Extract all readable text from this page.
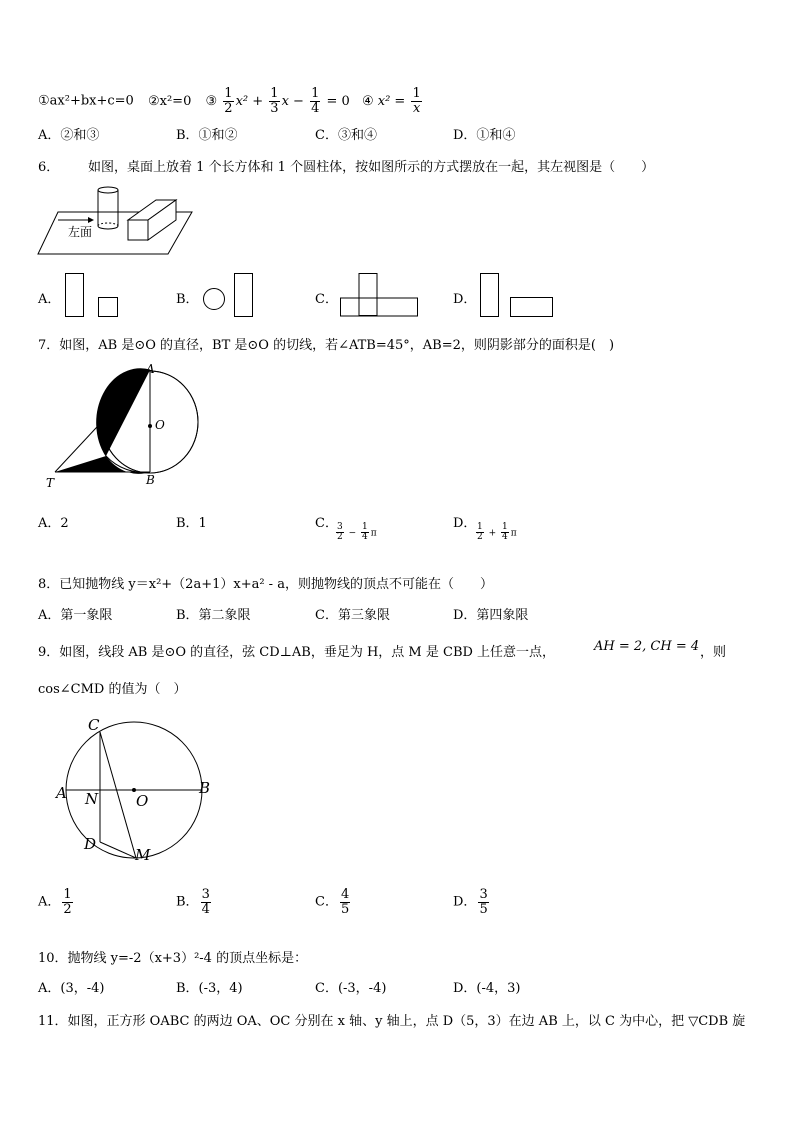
①ax²+bx+c=0 ②x²=0 ③ $\frac{1}{2} x^2 + \frac{1}{3}$ $x - \frac{1}{4} = 0$ ④ $x^2 = \frac{1}{x}$
A．②和③	B．①和②	C．③和④	D．①和④
6． 如图，桌面上放着 1 个长方体和 1 个圆柱体，按如图所示的方式摆放在一起，其左视图是（　　）
左面
A．	B．	C．	D．
7．如图，AB 是⊙O 的直径，BT 是⊙O 的切线，若∠ATB=45°，AB=2，则阴影部分的面积是(　)
A
O
T	B
A．2	B．1	C．
$\frac{3}{2} - \frac{1}{4}$ π
D． $\frac{1}{2} + \frac{1}{4}$ π
8．已知抛物线 y＝x²+（2a+1）x+a² - a，则抛物线的顶点不可能在（　　）
A．第一象限	B．第二象限	C．第三象限	D．第四象限
9．如图，线段 AB 是⊙O 的直径，弦 CD⊥AB，垂足为 H，点 M 是 CBD 上任意一点，	AH = 2, CH = 4 ，则
cos∠CMD 的值为（　）
C
A N	O
B
D
M
A． $\frac{1}{2}$	B． $\frac{3}{4}$	C． $\frac{4}{5}$	D． $\frac{3}{5}$
10．抛物线 y=-2（x+3）²-4 的顶点坐标是：
A．(3，-4)	B．(-3，4)	C．(-3，-4)	D．(-4，3)
11．如图，正方形 OABC 的两边 OA、OC 分别在 x 轴、y 轴上，点 D（5，3）在边 AB 上，以 C 为中心，把 ▽CDB 旋
